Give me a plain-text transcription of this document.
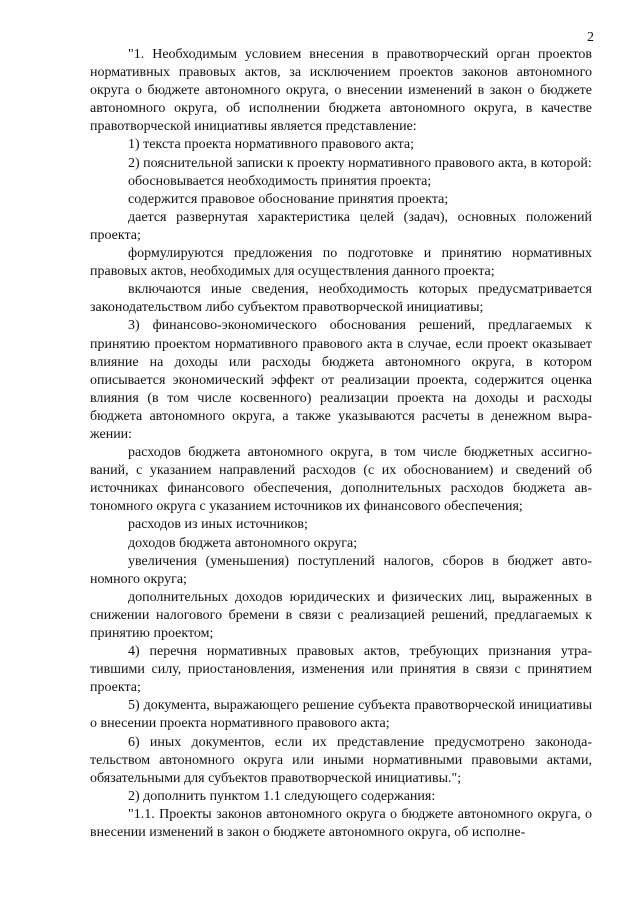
2

"1. Необходимым условием внесения в правотворческий орган проектов нормативных правовых актов, за исключением проектов законов автономного округа о бюджете автономного округа, о внесении изменений в закон о бюджете автономного округа, об исполнении бюджета автономного округа, в качестве правотворческой инициативы является представление:

1) текста проекта нормативного правового акта;

2) пояснительной записки к проекту нормативного правового акта, в которой:

обосновывается необходимость принятия проекта;

содержится правовое обоснование принятия проекта;

дается развернутая характеристика целей (задач), основных положений проекта;

формулируются предложения по подготовке и принятию нормативных правовых актов, необходимых для осуществления данного проекта;

включаются иные сведения, необходимость которых предусматривается законодательством либо субъектом правотворческой инициативы;

3) финансово-экономического обоснования решений, предлагаемых к принятию проектом нормативного правового акта в случае, если проект оказывает влияние на доходы или расходы бюджета автономного округа, в котором описывается экономический эффект от реализации проекта, содержится оценка влияния (в том числе косвенного) реализации проекта на доходы и расходы бюджета автономного округа, а также указываются расчеты в денежном выражении:

расходов бюджета автономного округа, в том числе бюджетных ассигнований, с указанием направлений расходов (с их обоснованием) и сведений об источниках финансового обеспечения, дополнительных расходов бюджета автономного округа с указанием источников их финансового обеспечения;

расходов из иных источников;

доходов бюджета автономного округа;

увеличения (уменьшения) поступлений налогов, сборов в бюджет автономного округа;

дополнительных доходов юридических и физических лиц, выраженных в снижении налогового бремени в связи с реализацией решений, предлагаемых к принятию проектом;

4) перечня нормативных правовых актов, требующих признания утратившими силу, приостановления, изменения или принятия в связи с принятием проекта;

5) документа, выражающего решение субъекта правотворческой инициативы о внесении проекта нормативного правового акта;

6) иных документов, если их представление предусмотрено законодательством автономного округа или иными нормативными правовыми актами, обязательными для субъектов правотворческой инициативы.";

2) дополнить пунктом 1.1 следующего содержания:

"1.1. Проекты законов автономного округа о бюджете автономного округа, о внесении изменений в закон о бюджете автономного округа, об исполне-
